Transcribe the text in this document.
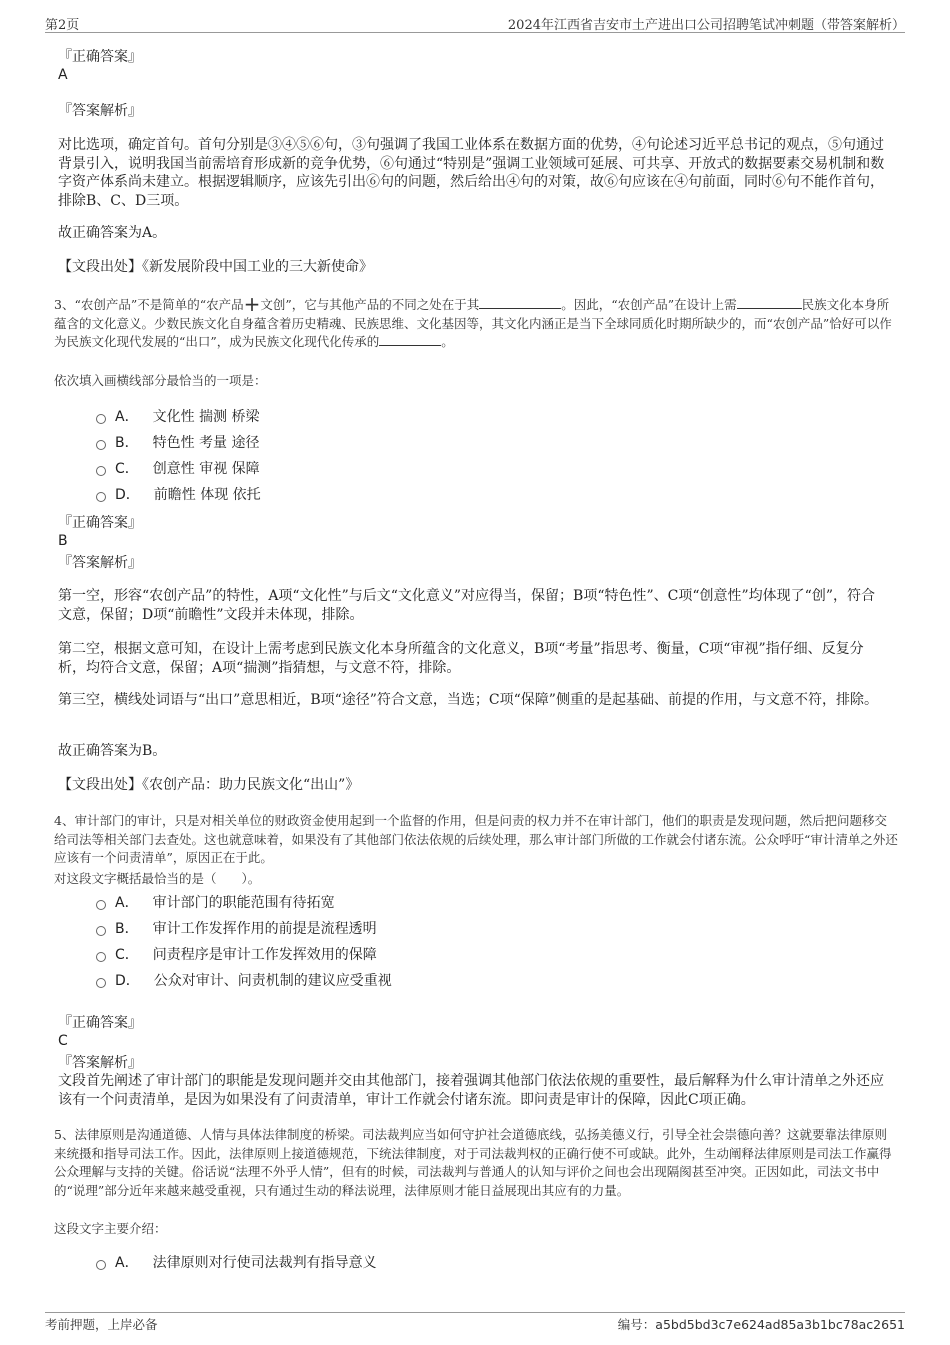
第2页	2024年江西省吉安市土产进出口公司招聘笔试冲刺题（带答案解析）
『正确答案』
A
『答案解析』
对比选项，确定首句。首句分别是③④⑤⑥句，③句强调了我国工业体系在数据方面的优势，④句论述习近平总书记的观点，⑤句通过背景引入，说明我国当前需培育形成新的竞争优势，⑥句通过“特别是”强调工业领域可延展、可共享、开放式的数据要素交易机制和数字资产体系尚未建立。根据逻辑顺序，应该先引出⑥句的问题，然后给出④句的对策，故⑥句应该在④句前面，同时⑥句不能作首句，排除B、C、D三项。
故正确答案为A。
【文段出处】《新发展阶段中国工业的三大新使命》
3、“农创产品”不是简单的“农产品+文创”，它与其他产品的不同之处在于其	。因此，“农创产品”在设计上需	民族文化本身所蕴含的文化意义。少数民族文化自身蕴含着历史精魂、民族思维、文化基因等，其文化内涵正是当下全球同质化时期所缺少的，而“农创产品”恰好可以作为民族文化现代发展的“出口”，成为民族文化现代化传承的	。
依次填入画横线部分最恰当的一项是：
A． 文化性 揣测 桥梁
B． 特色性 考量 途径
C． 创意性 审视 保障
D． 前瞻性 体现 依托
『正确答案』
B
『答案解析』
第一空，形容“农创产品”的特性，A项“文化性”与后文“文化意义”对应得当，保留；B项“特色性”、C项“创意性”均体现了“创”，符合文意，保留；D项“前瞻性”文段并未体现，排除。
第二空，根据文意可知，在设计上需考虑到民族文化本身所蕴含的文化意义，B项“考量”指思考、衡量，C项“审视”指仔细、反复分析，均符合文意，保留；A项“揣测”指猜想，与文意不符，排除。
第三空，横线处词语与“出口”意思相近，B项“途径”符合文意，当选；C项“保障”侧重的是起基础、前提的作用，与文意不符，排除。
故正确答案为B。
【文段出处】《农创产品：助力民族文化“出山”》
4、审计部门的审计，只是对相关单位的财政资金使用起到一个监督的作用，但是问责的权力并不在审计部门，他们的职责是发现问题，然后把问题移交给司法等相关部门去查处。这也就意味着，如果没有了其他部门依法依规的后续处理，那么审计部门所做的工作就会付诸东流。公众呼吁“审计清单之外还应该有一个问责清单”，原因正在于此。
对这段文字概括最恰当的是（　　）。
A． 审计部门的职能范围有待拓宽
B． 审计工作发挥作用的前提是流程透明
C． 问责程序是审计工作发挥效用的保障
D． 公众对审计、问责机制的建议应受重视
『正确答案』
C
『答案解析』
文段首先阐述了审计部门的职能是发现问题并交由其他部门，接着强调其他部门依法依规的重要性，最后解释为什么审计清单之外还应该有一个问责清单，是因为如果没有了问责清单，审计工作就会付诸东流。即问责是审计的保障，因此C项正确。
5、法律原则是沟通道德、人情与具体法律制度的桥梁。司法裁判应当如何守护社会道德底线，弘扬美德义行，引导全社会崇德向善？这就要靠法律原则来统摄和指导司法工作。因此，法律原则上接道德规范，下统法律制度，对于司法裁判权的正确行使不可或缺。此外，生动阐释法律原则是司法工作赢得公众理解与支持的关键。俗话说“法理不外乎人情”，但有的时候，司法裁判与普通人的认知与评价之间也会出现隔阂甚至冲突。正因如此，司法文书中的“说理”部分近年来越来越受重视，只有通过生动的释法说理，法律原则才能日益展现出其应有的力量。
这段文字主要介绍：
A． 法律原则对行使司法裁判有指导意义
考前押题，上岸必备	编号：a5bd5bd3c7e624ad85a3b1bc78ac2651
